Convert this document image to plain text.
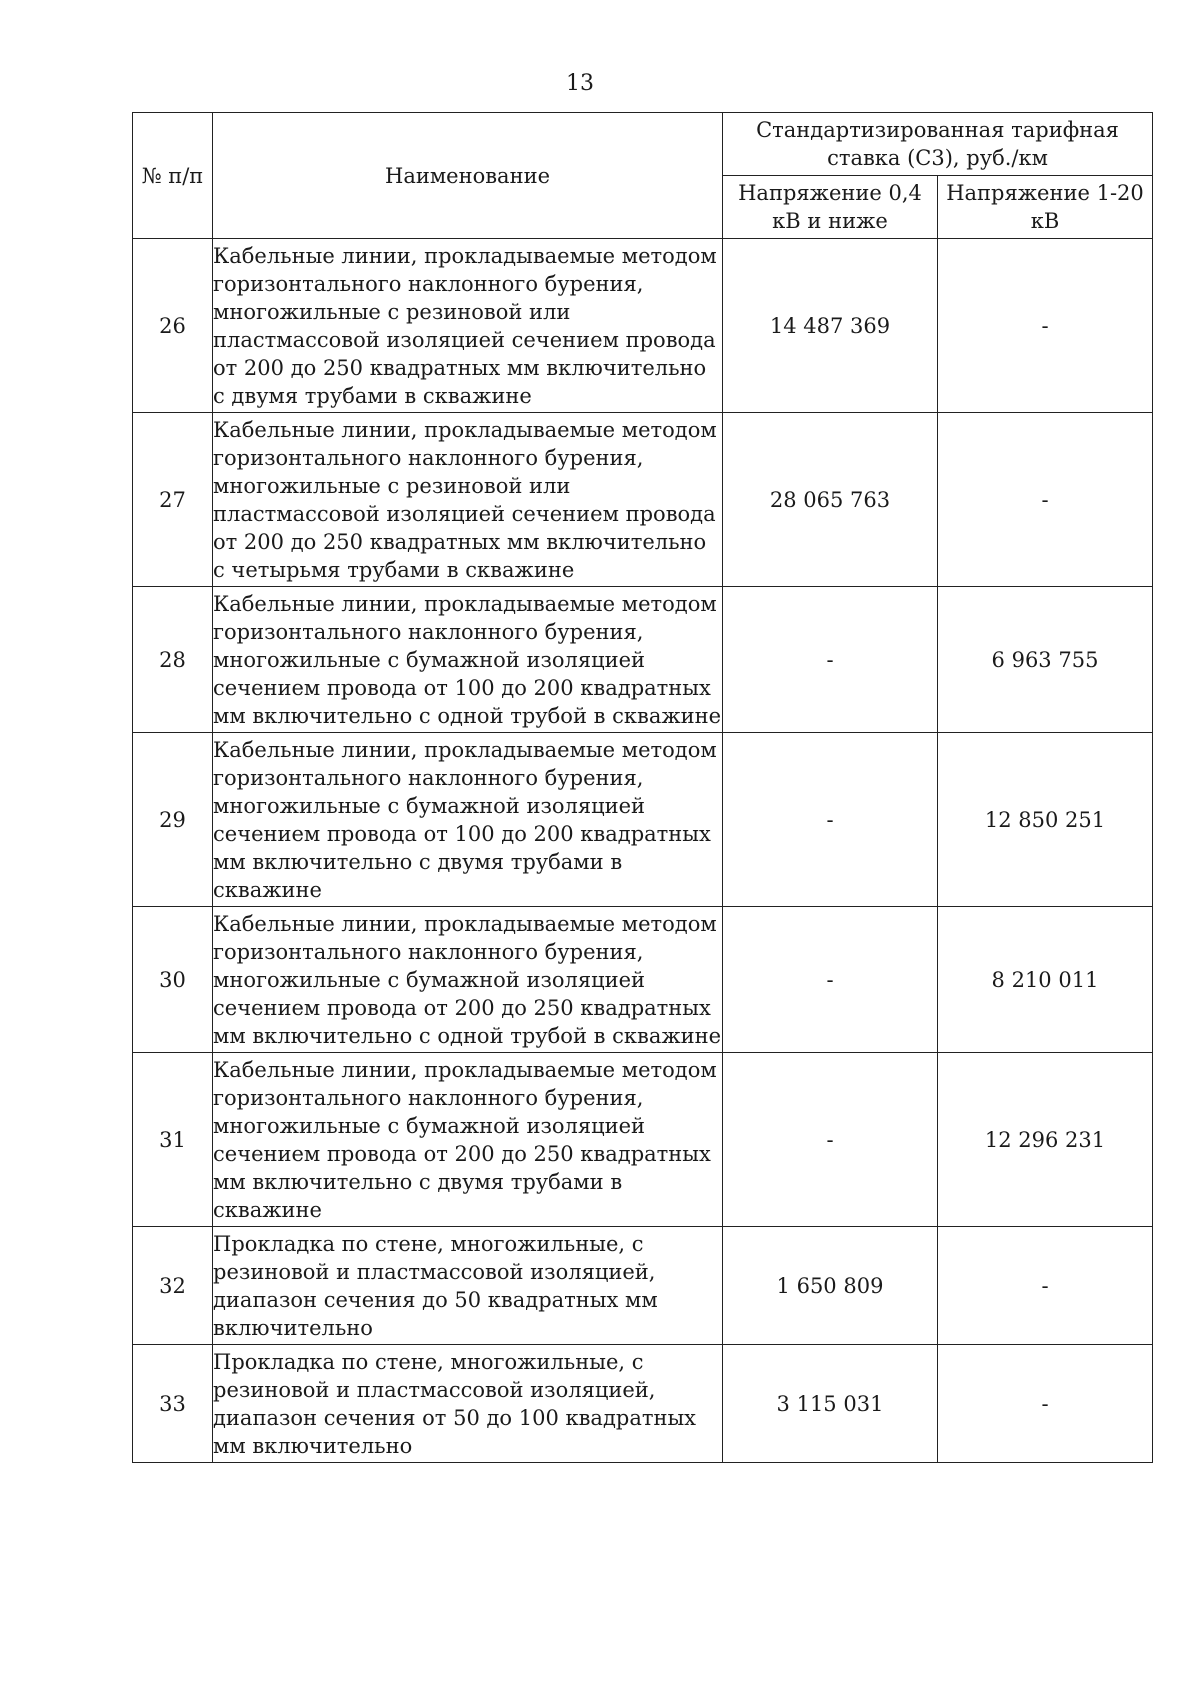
13
№ п/п	Наименование	Стандартизированная тарифная ставка (С3), руб./км	
		Напряжение 0,4 кВ и ниже	Напряжение 1-20 кВ
26	Кабельные линии, прокладываемые методом горизонтального наклонного бурения, многожильные с резиновой или пластмассовой изоляцией сечением провода от 200 до 250 квадратных мм включительно с двумя трубами в скважине	14 487 369	-
27	Кабельные линии, прокладываемые методом горизонтального наклонного бурения, многожильные с резиновой или пластмассовой изоляцией сечением провода от 200 до 250 квадратных мм включительно с четырьмя трубами в скважине	28 065 763	-
28	Кабельные линии, прокладываемые методом горизонтального наклонного бурения, многожильные с бумажной изоляцией сечением провода от 100 до 200 квадратных мм включительно с одной трубой в скважине	-	6 963 755
29	Кабельные линии, прокладываемые методом горизонтального наклонного бурения, многожильные с бумажной изоляцией сечением провода от 100 до 200 квадратных мм включительно с двумя трубами в скважине	-	12 850 251
30	Кабельные линии, прокладываемые методом горизонтального наклонного бурения, многожильные с бумажной изоляцией сечением провода от 200 до 250 квадратных мм включительно с одной трубой в скважине	-	8 210 011
31	Кабельные линии, прокладываемые методом горизонтального наклонного бурения, многожильные с бумажной изоляцией сечением провода от 200 до 250 квадратных мм включительно с двумя трубами в скважине	-	12 296 231
32	Прокладка по стене, многожильные, с резиновой и пластмассовой изоляцией, диапазон сечения до 50 квадратных мм включительно	1 650 809	-
33	Прокладка по стене, многожильные, с резиновой и пластмассовой изоляцией, диапазон сечения от 50 до 100 квадратных мм включительно	3 115 031	-
